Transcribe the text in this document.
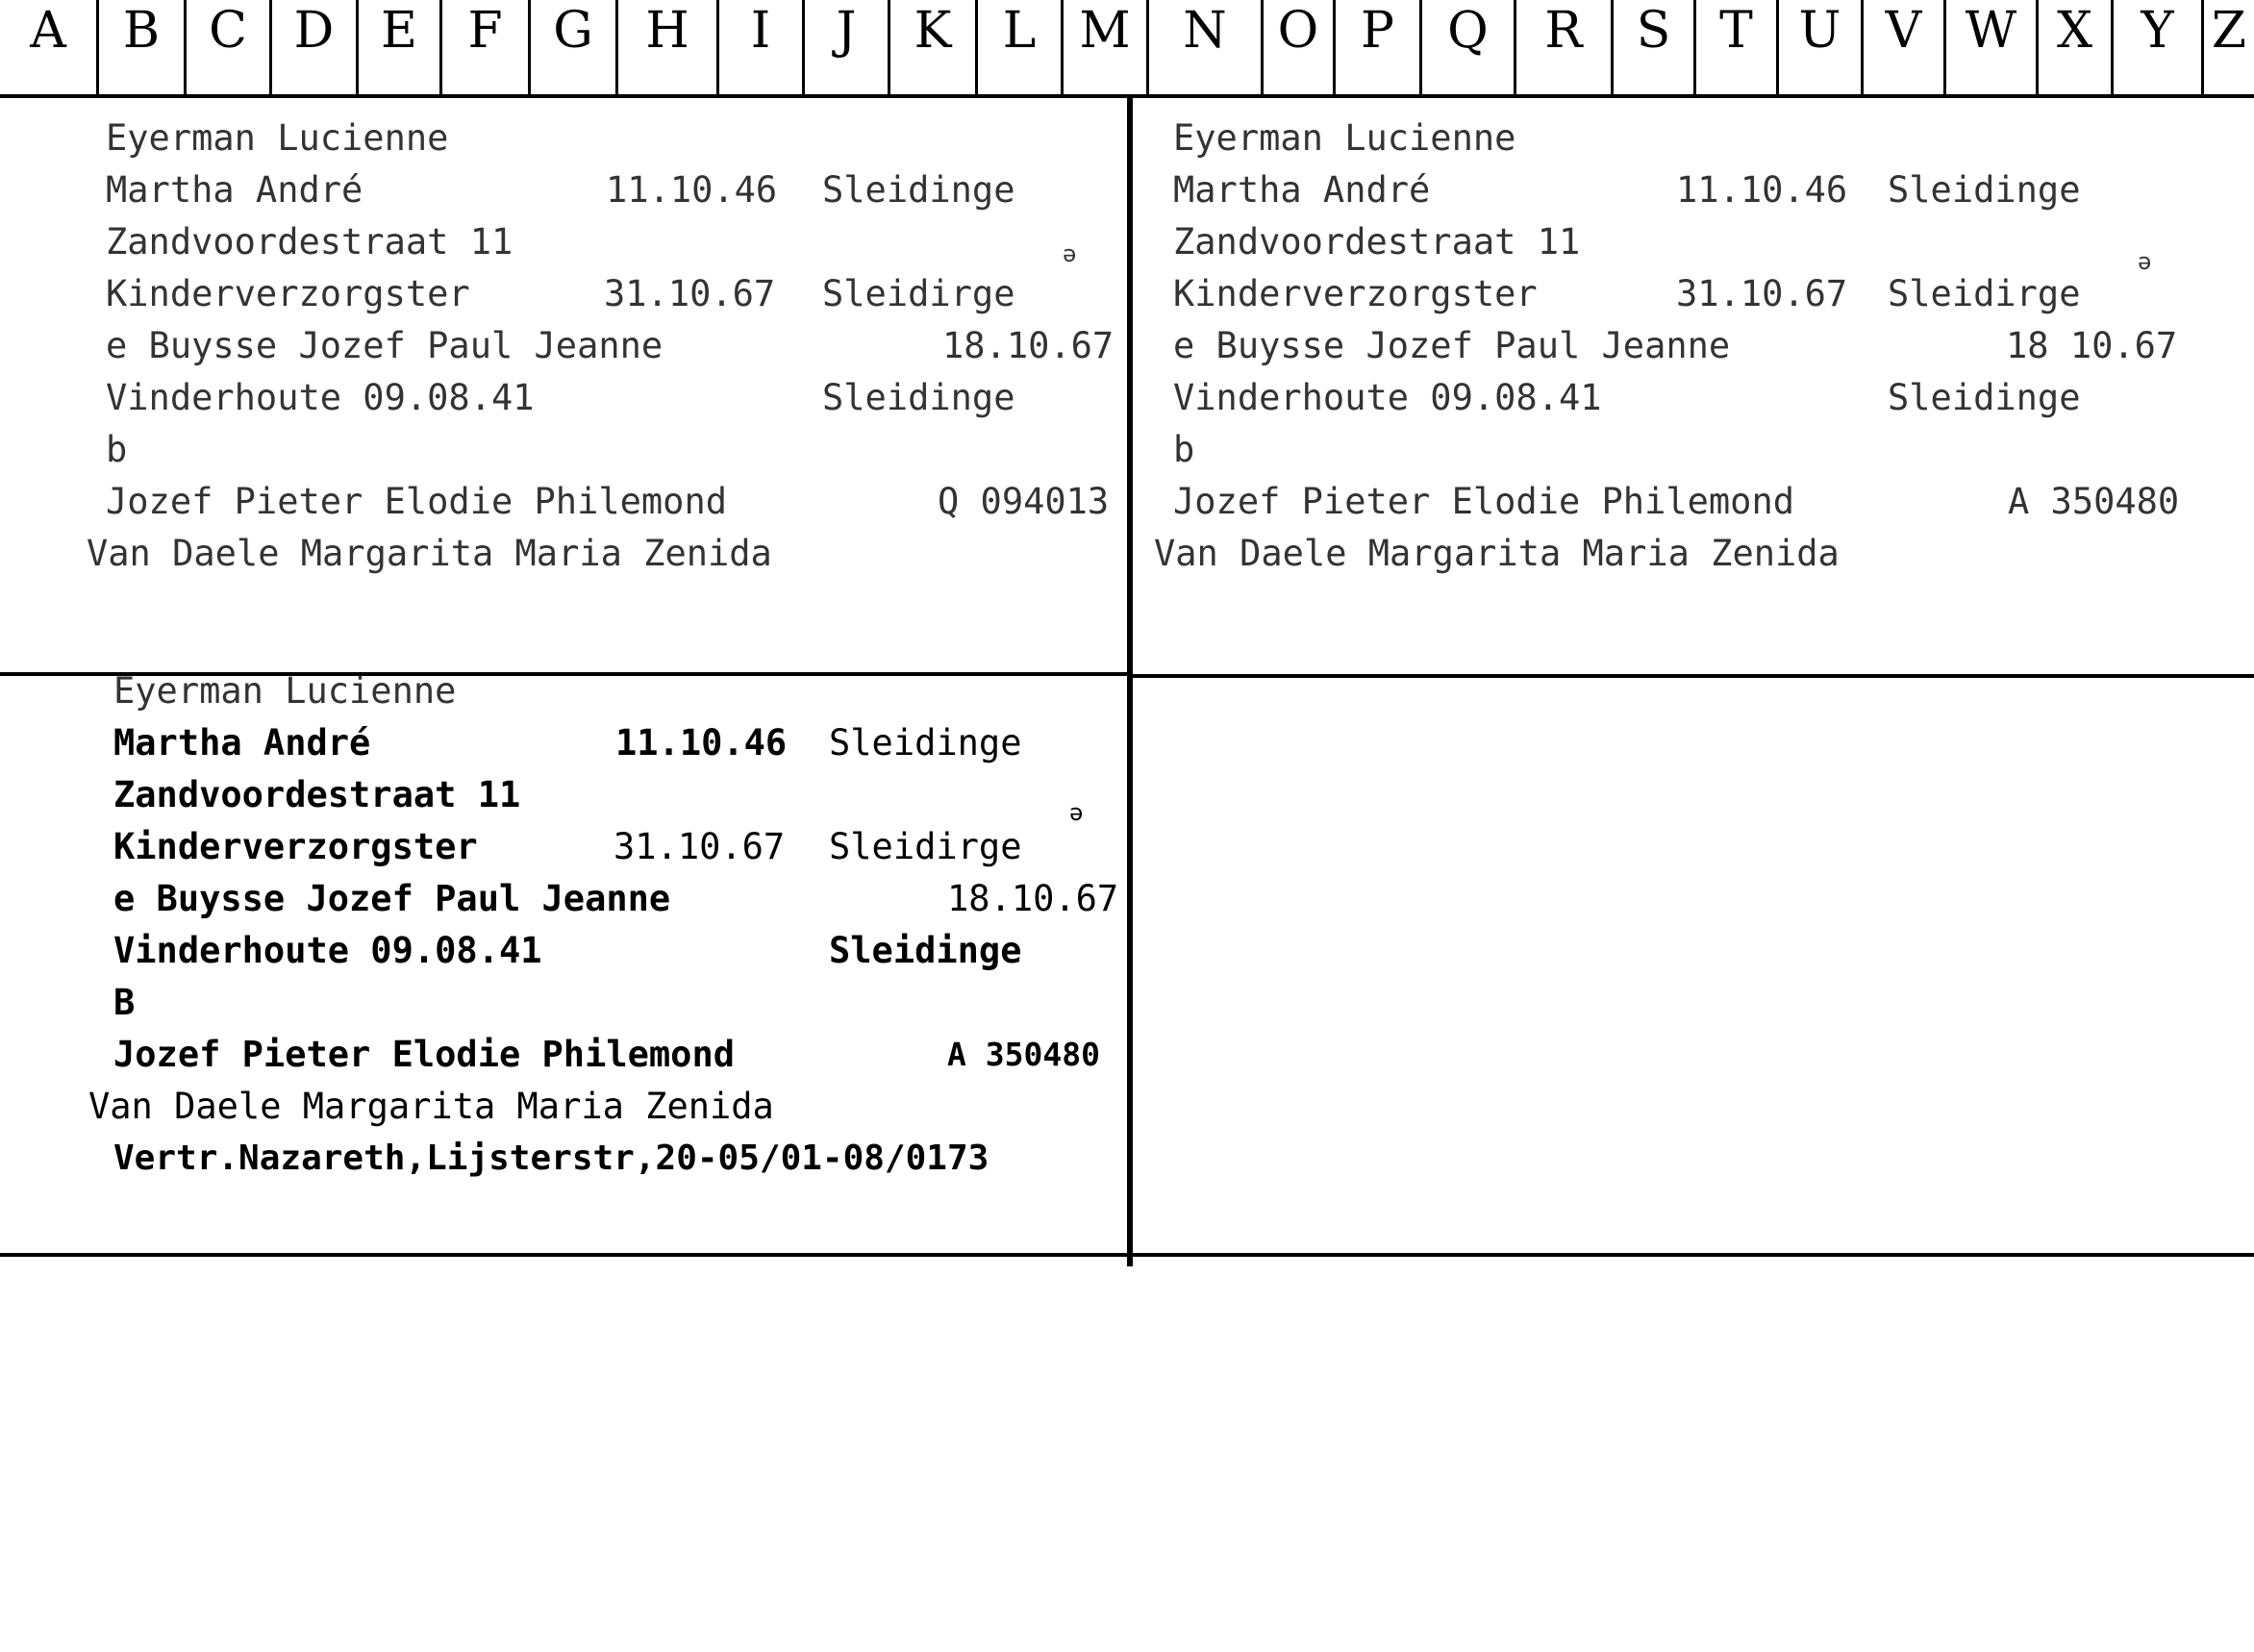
A	B C D E	F	G	H	I	J	K	L M	N	O P	Q	R	S T U V W X Y Z

Eyerman Lucienne

Martha André

	11.10.46

Sleidinge

Zandvoordestraat 11

	ə

Kinderverzorgster

	31.10.67

Sleidirge

e Buysse Jozef Paul Jeanne

	18.10.67

Vinderhoute 09.08.41

	Sleidinge

b

Jozef Pieter Elodie Philemond

	Q 094013

Van Daele Margarita Maria Zenida

Eyerman Lucienne

Martha André

	11.10.46

Sleidinge

Zandvoordestraat 11

	ə

Kinderverzorgster

	31.10.67

Sleidirge

e Buysse Jozef Paul Jeanne

	18 10.67

Vinderhoute 09.08.41

	Sleidinge

b

Jozef Pieter Elodie Philemond

	A 350480

Van Daele Margarita Maria Zenida

Eyerman Lucienne

Martha André

	11.10.46

Sleidinge

Zandvoordestraat 11

	ə

Kinderverzorgster

	31.10.67

Sleidirge

e Buysse Jozef Paul Jeanne

	18.10.67

Vinderhoute 09.08.41

	Sleidinge

B

Jozef Pieter Elodie Philemond

	A 350480

Van Daele Margarita Maria Zenida

Vertr.Nazareth,Lijsterstr,20-05/01-08/0173
